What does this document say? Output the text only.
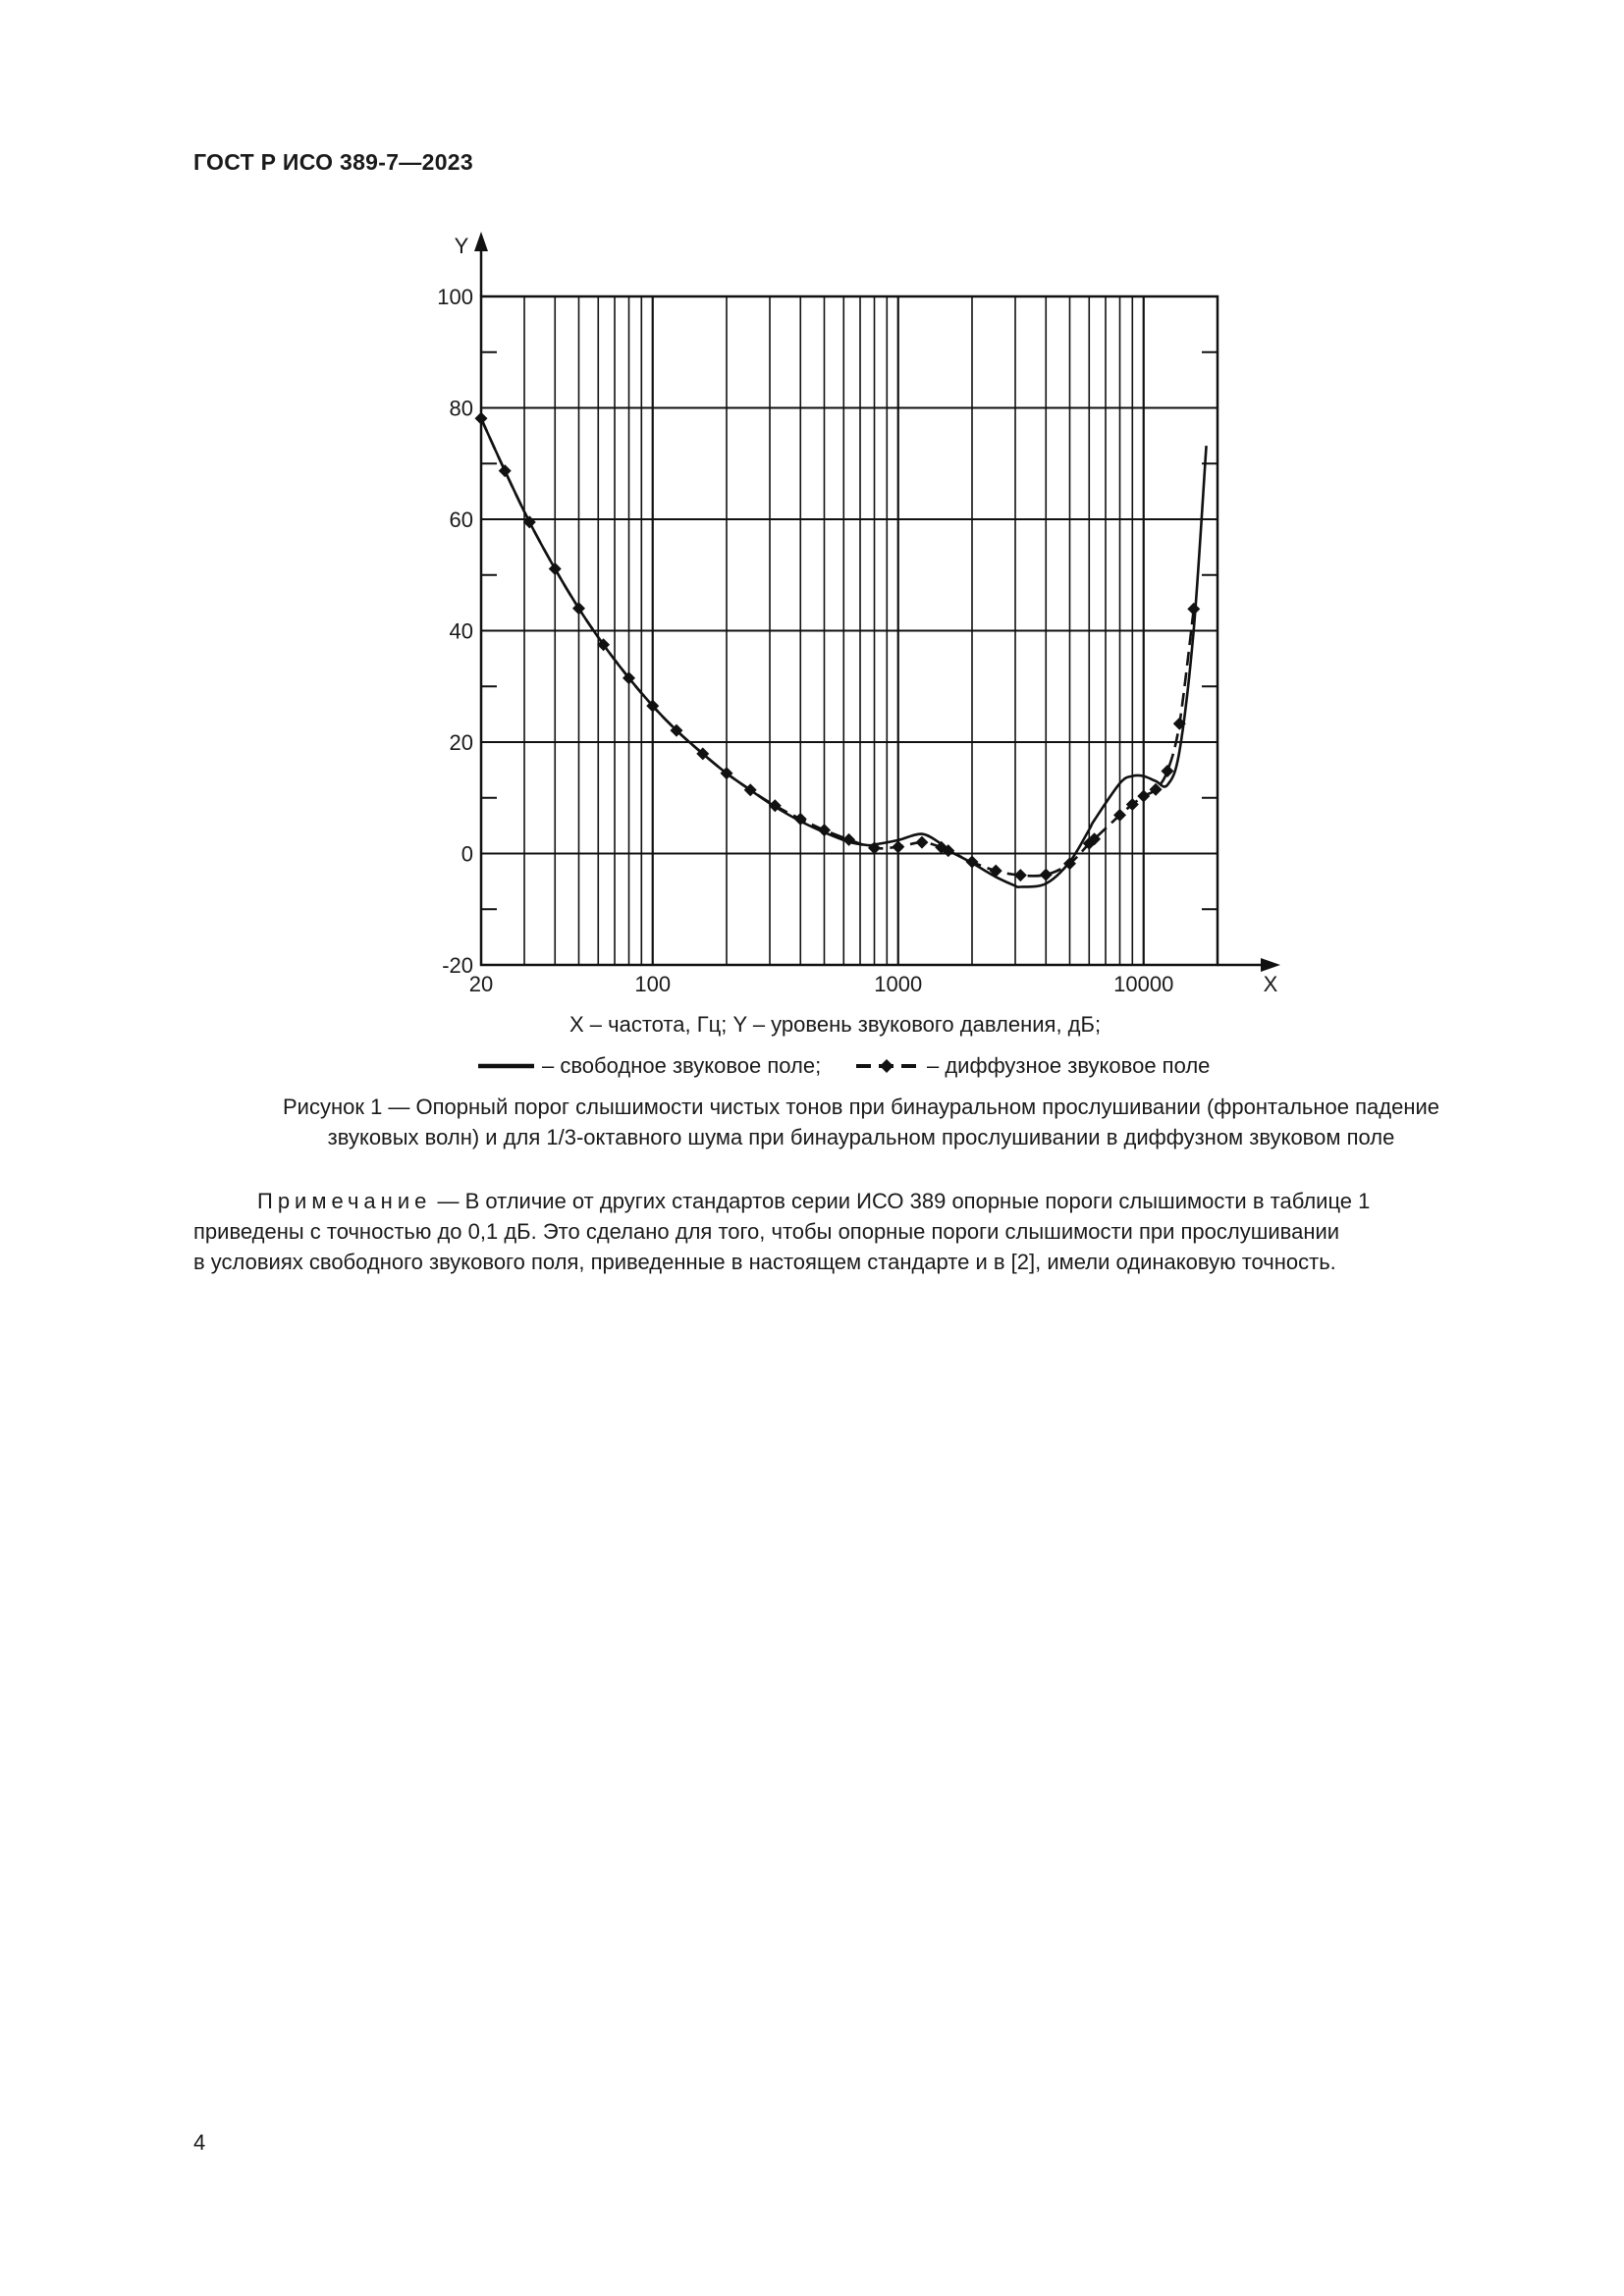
ГОСТ Р ИСО 389-7—2023
100
80
60
40
20
0
-20
20	100	1000	10000
Y
X
X – частота, Гц; Y – уровень звукового давления, дБ;
– свободное звуковое поле;	– диффузное звуковое поле
Рисунок 1 — Опорный порог слышимости чистых тонов при бинауральном прослушивании (фронтальное падение
звуковых волн) и для 1/3-октавного шума при бинауральном прослушивании в диффузном звуковом поле
Примечание — В отличие от других стандартов серии ИСО 389 опорные пороги слышимости в таблице 1
приведены с точностью до 0,1 дБ. Это сделано для того, чтобы опорные пороги слышимости при прослушивании
в условиях свободного звукового поля, приведенные в настоящем стандарте и в [2], имели одинаковую точность.
4
